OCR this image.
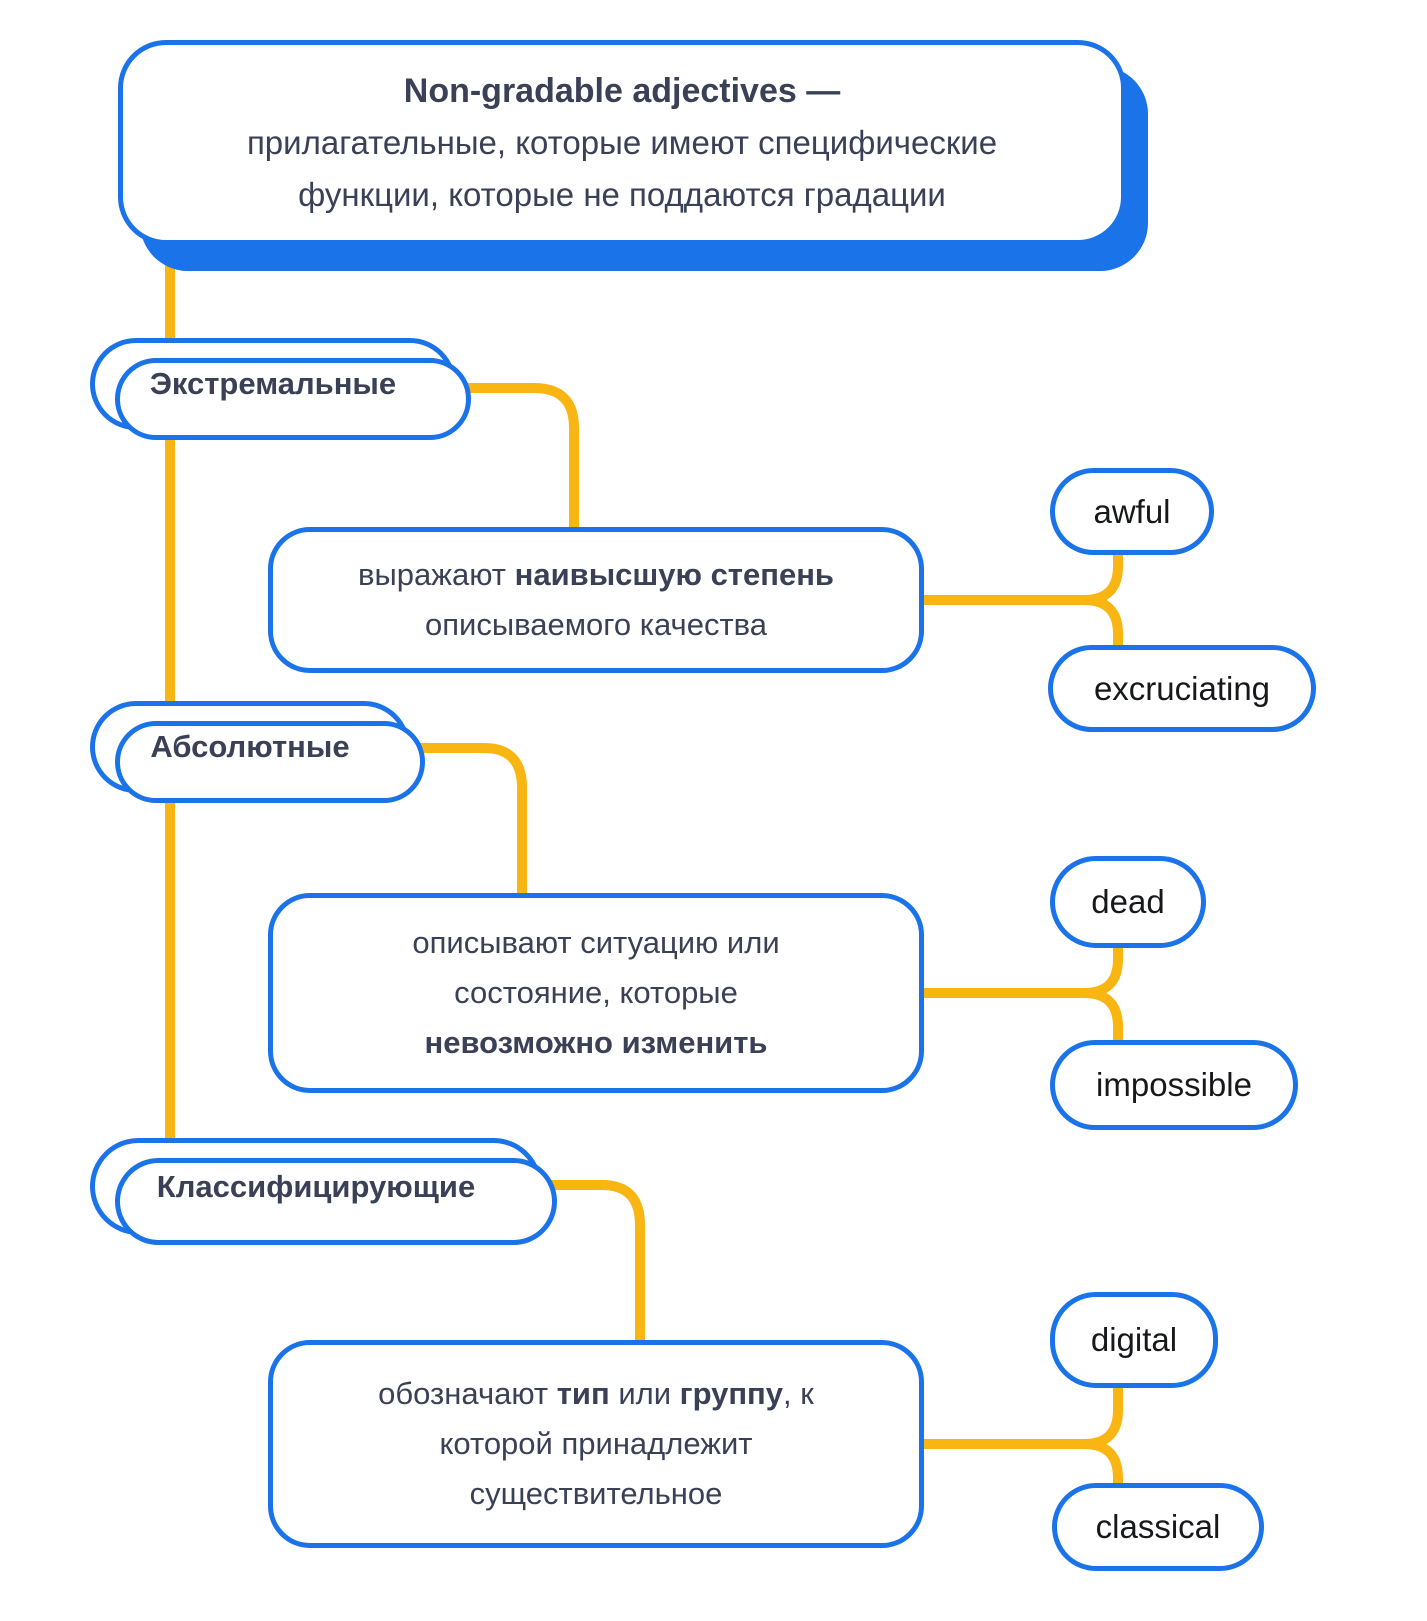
Non-gradable adjectives —
прилагательные, которые имеют специфические
функции, которые не поддаются градации
Экстремальные

выражают наивысшую степень

описываемого качества

awful
excruciating
Абсолютные

описывают ситуацию или

состояние, которые

невозможно изменить

dead
impossible
Классифицирующие

обозначают тип или группу, к

которой принадлежит

существительное

digital
classical
